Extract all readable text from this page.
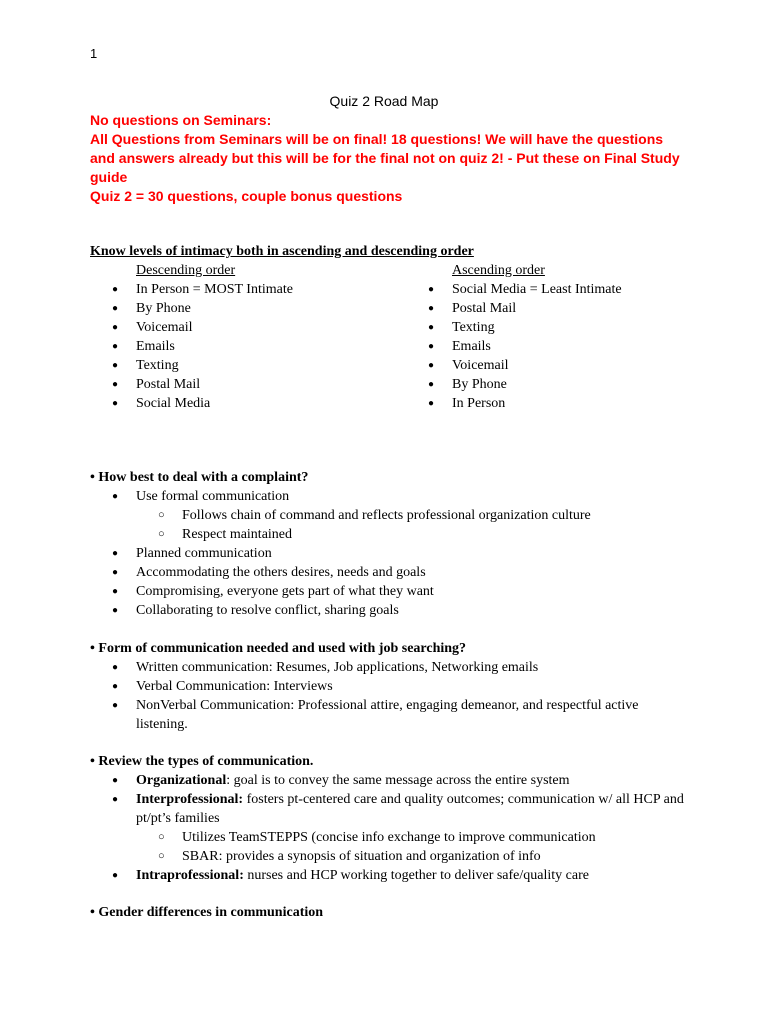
1
Quiz 2 Road Map
No questions on Seminars:
All Questions from Seminars will be on final! 18 questions! We will have the questions
and answers already but this will be for the final not on quiz 2! - Put these on Final Study
guide
Quiz 2 = 30 questions, couple bonus questions
Know levels of intimacy both in ascending and descending order
Descending order
● In Person = MOST Intimate
● By Phone
● Voicemail
● Emails
● Texting
● Postal Mail
● Social Media
Ascending order
● Social Media = Least Intimate
● Postal Mail
● Texting
● Emails
● Voicemail
● By Phone
● In Person
• How best to deal with a complaint?
● Use formal communication
○ Follows chain of command and reflects professional organization culture
○ Respect maintained
● Planned communication
● Accommodating the others desires, needs and goals
● Compromising, everyone gets part of what they want
● Collaborating to resolve conflict, sharing goals
• Form of communication needed and used with job searching?
● Written communication: Resumes, Job applications, Networking emails
● Verbal Communication: Interviews
● NonVerbal Communication: Professional attire, engaging demeanor, and respectful active
listening.
• Review the types of communication.
● Organizational: goal is to convey the same message across the entire system
● Interprofessional: fosters pt-centered care and quality outcomes; communication w/ all HCP and
pt/pt’s families
○ Utilizes TeamSTEPPS (concise info exchange to improve communication
○ SBAR: provides a synopsis of situation and organization of info
● Intraprofessional: nurses and HCP working together to deliver safe/quality care
• Gender differences in communication
